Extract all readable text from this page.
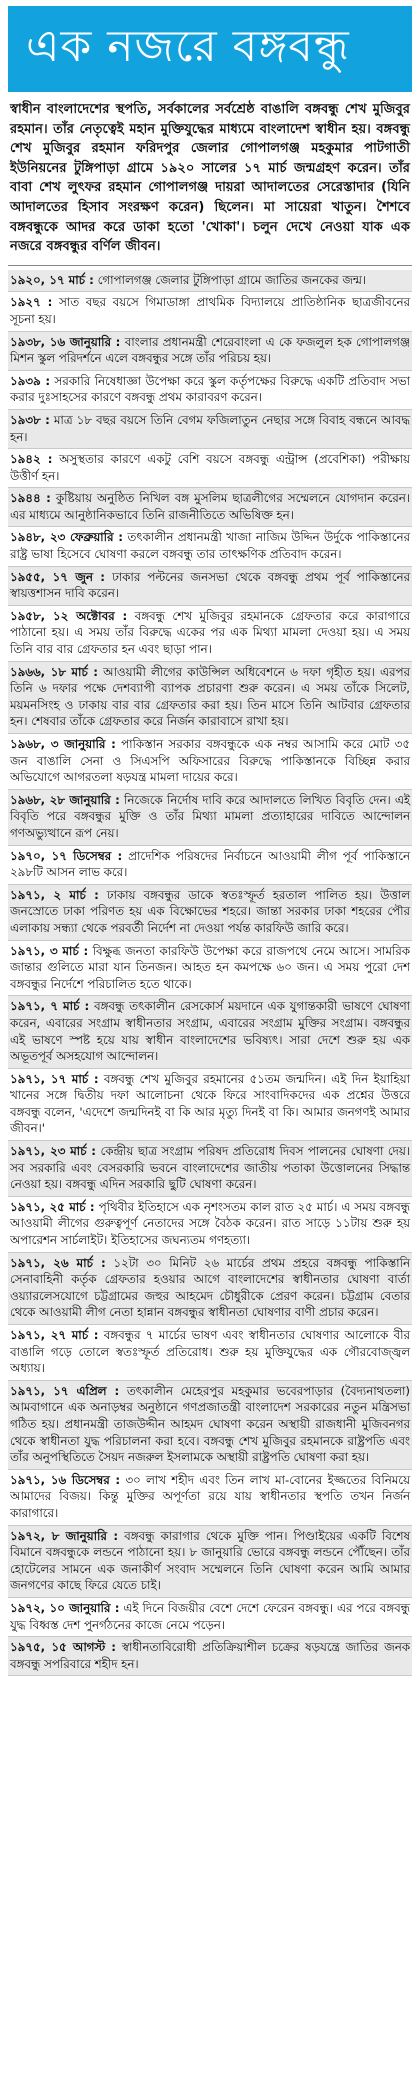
এক নজরে বঙ্গবন্ধু
স্বাধীন বাংলাদেশের স্থপতি, সর্বকালের সর্বশ্রেষ্ঠ বাঙালি বঙ্গবন্ধু শেখ মুজিবুর রহমান। তাঁর নেতৃত্বেই মহান মুক্তিযুদ্ধের মাধ্যমে বাংলাদেশ স্বাধীন হয়। বঙ্গবন্ধু শেখ মুজিবুর রহমান ফরিদপুর জেলার গোপালগঞ্জ মহকুমার পাটগাতী ইউনিয়নের টুঙ্গিপাড়া গ্রামে ১৯২০ সালের ১৭ মার্চ জন্মগ্রহণ করেন। তাঁর বাবা শেখ লুৎফর রহমান গোপালগঞ্জ দায়রা আদালতের সেরেস্তাদার (যিনি আদালতের হিসাব সংরক্ষণ করেন) ছিলেন। মা সায়েরা খাতুন। শৈশবে বঙ্গবন্ধুকে আদর করে ডাকা হতো 'খোকা'। চলুন দেখে নেওয়া যাক এক নজরে বঙ্গবন্ধুর বর্ণিল জীবন।
১৯২০, ১৭ মার্চ : গোপালগঞ্জ জেলার টুঙ্গিপাড়া গ্রামে জাতির জনকের জন্ম।
১৯২৭ : সাত বছর বয়সে গিমাডাঙ্গা প্রাথমিক বিদ্যালয়ে প্রাতিষ্ঠানিক ছাত্রজীবনের সূচনা হয়।
১৯৩৮, ১৬ জানুয়ারি : বাংলার প্রধানমন্ত্রী শেরেবাংলা এ কে ফজলুল হক গোপালগঞ্জ মিশন স্কুল পরিদর্শনে এলে বঙ্গবন্ধুর সঙ্গে তাঁর পরিচয় হয়।
১৯৩৯ : সরকারি নিষেধাজ্ঞা উপেক্ষা করে স্কুল কর্তৃপক্ষের বিরুদ্ধে একটি প্রতিবাদ সভা করার দুঃসাহসের কারণে বঙ্গবন্ধু প্রথম কারাবরণ করেন।
১৯৩৮ : মাত্র ১৮ বছর বয়সে তিনি বেগম ফজিলাতুন নেছার সঙ্গে বিবাহ বন্ধনে আবদ্ধ হন।
১৯৪২ : অসুস্থতার কারণে একটু বেশি বয়সে বঙ্গবন্ধু এন্ট্রান্স (প্রবেশিকা) পরীক্ষায় উত্তীর্ণ হন।
১৯৪৪ : কুষ্টিয়ায় অনুষ্ঠিত নিখিল বঙ্গ মুসলিম ছাত্রলীগের সম্মেলনে যোগদান করেন। এর মাধ্যমে আনুষ্ঠানিকভাবে তিনি রাজনীতিতে অভিষিক্ত হন।
১৯৪৮, ২৩ ফেব্রুয়ারি : তৎকালীন প্রধানমন্ত্রী খাজা নাজিম উদ্দিন উর্দুকে পাকিস্তানের রাষ্ট্র ভাষা হিসেবে ঘোষণা করলে বঙ্গবন্ধু তার তাৎক্ষণিক প্রতিবাদ করেন।
১৯৫৫, ১৭ জুন : ঢাকার পল্টনের জনসভা থেকে বঙ্গবন্ধু প্রথম পূর্ব পাকিস্তানের স্বায়ত্তশাসন দাবি করেন।
১৯৫৮, ১২ অক্টোবর : বঙ্গবন্ধু শেখ মুজিবুর রহমানকে গ্রেফতার করে কারাগারে পাঠানো হয়। এ সময় তাঁর বিরুদ্ধে একের পর এক মিথ্যা মামলা দেওয়া হয়। এ সময় তিনি বার বার গ্রেফতার হন এবং ছাড়া পান।
১৯৬৬, ১৮ মার্চ : আওয়ামী লীগের কাউন্সিল অধিবেশনে ৬ দফা গৃহীত হয়। এরপর তিনি ৬ দফার পক্ষে দেশব্যাপী ব্যাপক প্রচারণা শুরু করেন। এ সময় তাঁকে সিলেট, ময়মনসিংহ ও ঢাকায় বার বার গ্রেফতার করা হয়। তিন মাসে তিনি আটবার গ্রেফতার হন। শেষবার তাঁকে গ্রেফতার করে নির্জন কারাবাসে রাখা হয়।
১৯৬৮, ৩ জানুয়ারি : পাকিস্তান সরকার বঙ্গবন্ধুকে এক নম্বর আসামি করে মোট ৩৫ জন বাঙালি সেনা ও সিএসপি অফিসারের বিরুদ্ধে পাকিস্তানকে বিচ্ছিন্ন করার অভিযোগে আগরতলা ষড়যন্ত্র মামলা দায়ের করে।
১৯৬৮, ২৮ জানুয়ারি : নিজেকে নির্দোষ দাবি করে আদালতে লিখিত বিবৃতি দেন। এই বিবৃতি পরে বঙ্গবন্ধুর মুক্তি ও তাঁর মিথ্যা মামলা প্রত্যাহারের দাবিতে আন্দোলন গণঅভ্যুত্থানে রূপ নেয়।
১৯৭০, ১৭ ডিসেম্বর : প্রাদেশিক পরিষদের নির্বাচনে আওয়ামী লীগ পূর্ব পাকিস্তানে ২৯৮টি আসন লাভ করে।
১৯৭১, ২ মার্চ : ঢাকায় বঙ্গবন্ধুর ডাকে স্বতঃস্ফূর্ত হরতাল পালিত হয়। উত্তাল জনস্রোতে ঢাকা পরিণত হয় এক বিক্ষোভের শহরে। জান্তা সরকার ঢাকা শহরের পৌর এলাকায় সন্ধ্যা থেকে পরবর্তী নির্দেশ না দেওয়া পর্যন্ত কারফিউ জারি করে।
১৯৭১, ৩ মার্চ : বিক্ষুব্ধ জনতা কারফিউ উপেক্ষা করে রাজপথে নেমে আসে। সামরিক জান্তার গুলিতে মারা যান তিনজন। আহত হন কমপক্ষে ৬০ জন। এ সময় পুরো দেশ বঙ্গবন্ধুর নির্দেশে পরিচালিত হতে থাকে।
১৯৭১, ৭ মার্চ : বঙ্গবন্ধু তৎকালীন রেসকোর্স ময়দানে এক যুগান্তকারী ভাষণে ঘোষণা করেন, এবারের সংগ্রাম স্বাধীনতার সংগ্রাম, এবারের সংগ্রাম মুক্তির সংগ্রাম। বঙ্গবন্ধুর এই ভাষণে স্পষ্ট হয়ে যায় স্বাধীন বাংলাদেশের ভবিষ্যৎ। সারা দেশে শুরু হয় এক অভূতপূর্ব অসহযোগ আন্দোলন।
১৯৭১, ১৭ মার্চ : বঙ্গবন্ধু শেখ মুজিবুর রহমানের ৫১তম জন্মদিন। এই দিন ইয়াহিয়া খানের সঙ্গে দ্বিতীয় দফা আলোচনা থেকে ফিরে সাংবাদিকদের এক প্রশ্নের উত্তরে বঙ্গবন্ধু বলেন, 'এদেশে জন্মদিনই বা কি আর মৃত্যু দিনই বা কি। আমার জনগণই আমার জীবন।'
১৯৭১, ২৩ মার্চ : কেন্দ্রীয় ছাত্র সংগ্রাম পরিষদ প্রতিরোধ দিবস পালনের ঘোষণা দেয়। সব সরকারি এবং বেসরকারি ভবনে বাংলাদেশের জাতীয় পতাকা উত্তোলনের সিদ্ধান্ত নেওয়া হয়। বঙ্গবন্ধু এদিন সরকারি ছুটি ঘোষণা করেন।
১৯৭১, ২৫ মার্চ : পৃথিবীর ইতিহাসে এক নৃশংসতম কাল রাত ২৫ মার্চ। এ সময় বঙ্গবন্ধু আওয়ামী লীগের গুরুত্বপূর্ণ নেতাদের সঙ্গে বৈঠক করেন। রাত সাড়ে ১১টায় শুরু হয় অপারেশন সার্চলাইট। ইতিহাসের জঘন্যতম গণহত্যা।
১৯৭১, ২৬ মার্চ : ১২টা ৩০ মিনিট ২৬ মার্চের প্রথম প্রহরে বঙ্গবন্ধু পাকিস্তানি সেনাবাহিনী কর্তৃক গ্রেফতার হওয়ার আগে বাংলাদেশের স্বাধীনতার ঘোষণা বার্তা ওয়্যারলেসযোগে চট্টগ্রামের জহুর আহমেদ চৌধুরীকে প্রেরণ করেন। চট্টগ্রাম বেতার থেকে আওয়ামী লীগ নেতা হান্নান বঙ্গবন্ধুর স্বাধীনতা ঘোষণার বাণী প্রচার করেন।
১৯৭১, ২৭ মার্চ : বঙ্গবন্ধুর ৭ মার্চের ভাষণ এবং স্বাধীনতার ঘোষণার আলোকে বীর বাঙালি গড়ে তোলে স্বতঃস্ফূর্ত প্রতিরোধ। শুরু হয় মুক্তিযুদ্ধের এক গৌরবোজ্জ্বল অধ্যায়।
১৯৭১, ১৭ এপ্রিল : তৎকালীন মেহেরপুর মহকুমার ভবেরপাড়ার (বৈদ্যনাথতলা) আমবাগানে এক অনাড়ম্বর অনুষ্ঠানে গণপ্রজাতন্ত্রী বাংলাদেশ সরকারের নতুন মন্ত্রিসভা গঠিত হয়। প্রধানমন্ত্রী তাজউদ্দীন আহমদ ঘোষণা করেন অস্থায়ী রাজধানী মুজিবনগর থেকে স্বাধীনতা যুদ্ধ পরিচালনা করা হবে। বঙ্গবন্ধু শেখ মুজিবুর রহমানকে রাষ্ট্রপতি এবং তাঁর অনুপস্থিতিতে সৈয়দ নজরুল ইসলামকে অস্থায়ী রাষ্ট্রপতি ঘোষণা করা হয়।
১৯৭১, ১৬ ডিসেম্বর : ৩০ লাখ শহীদ এবং তিন লাখ মা-বোনের ইজ্জতের বিনিময়ে আমাদের বিজয়। কিন্তু মুক্তির অপূর্ণতা রয়ে যায় স্বাধীনতার স্থপতি তখন নির্জন কারাগারে।
১৯৭২, ৮ জানুয়ারি : বঙ্গবন্ধু কারাগার থেকে মুক্তি পান। পিণ্ডাইয়ের একটি বিশেষ বিমানে বঙ্গবন্ধুকে লন্ডনে পাঠানো হয়। ৮ জানুয়ারি ভোরে বঙ্গবন্ধু লন্ডনে পৌঁছেন। তাঁর হোটেলের সামনে এক জনাকীর্ণ সংবাদ সম্মেলনে তিনি ঘোষণা করেন আমি আমার জনগণের কাছে ফিরে যেতে চাই।
১৯৭২, ১০ জানুয়ারি : এই দিনে বিজয়ীর বেশে দেশে ফেরেন বঙ্গবন্ধু। এর পরে বঙ্গবন্ধু যুদ্ধ বিধ্বস্ত দেশ পুনর্গঠনের কাজে নেমে পড়েন।
১৯৭৫, ১৫ আগস্ট : স্বাধীনতাবিরোধী প্রতিক্রিয়াশীল চক্রের ষড়যন্ত্রে জাতির জনক বঙ্গবন্ধু সপরিবারে শহীদ হন।
